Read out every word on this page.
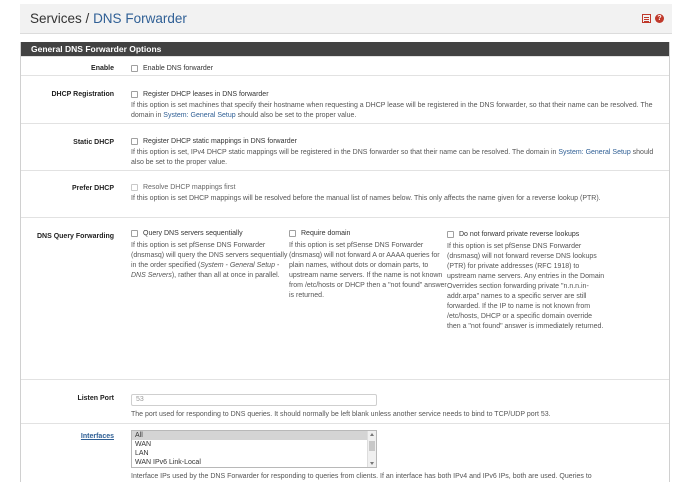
Services / DNS Forwarder	?
General DNS Forwarder Options
Enable	Enable DNS forwarder
DHCP Registration	Register DHCP leases in DNS forwarder
If this option is set machines that specify their hostname when requesting a DHCP lease will be registered in the DNS forwarder, so that their name can be resolved. The domain in System: General Setup should also be set to the proper value.
Static DHCP	Register DHCP static mappings in DNS forwarder
If this option is set, IPv4 DHCP static mappings will be registered in the DNS forwarder so that their name can be resolved. The domain in System: General Setup should also be set to the proper value.
Prefer DHCP	Resolve DHCP mappings first
If this option is set DHCP mappings will be resolved before the manual list of names below. This only affects the name given for a reverse lookup (PTR).
DNS Query Forwarding	Query DNS servers sequentially
If this option is set pfSense DNS Forwarder (dnsmasq) will query the DNS servers sequentially in the order specified (System - General Setup - DNS Servers), rather than all at once in parallel.
Require domain
If this option is set pfSense DNS Forwarder (dnsmasq) will not forward A or AAAA queries for plain names, without dots or domain parts, to upstream name servers. If the name is not known from /etc/hosts or DHCP then a "not found" answer is returned.
Do not forward private reverse lookups
If this option is set pfSense DNS Forwarder (dnsmasq) will not forward reverse DNS lookups (PTR) for private addresses (RFC 1918) to upstream name servers. Any entries in the Domain Overrides section forwarding private "n.n.n.in-addr.arpa" names to a specific server are still forwarded. If the IP to name is not known from /etc/hosts, DHCP or a specific domain override then a "not found" answer is immediately returned.
Listen Port	53
The port used for responding to DNS queries. It should normally be left blank unless another service needs to bind to TCP/UDP port 53.
Interfaces	All
WAN
LAN
WAN IPv6 Link-Local
Interface IPs used by the DNS Forwarder for responding to queries from clients. If an interface has both IPv4 and IPv6 IPs, both are used. Queries to
